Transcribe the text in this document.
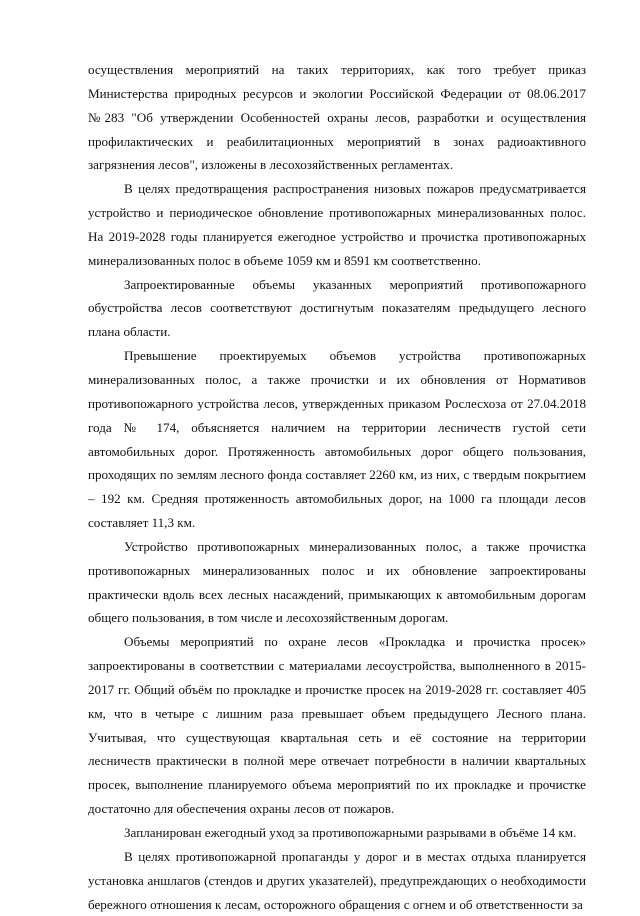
осуществления мероприятий на таких территориях, как того требует приказ Министерства природных ресурсов и экологии Российской Федерации от 08.06.2017 №283 "Об утверждении Особенностей охраны лесов, разработки и осуществления профилактических и реабилитационных мероприятий в зонах радиоактивного загрязнения лесов", изложены в лесохозяйственных регламентах.

В целях предотвращения распространения низовых пожаров предусматривается устройство и периодическое обновление противопожарных минерализованных полос. На 2019-2028 годы планируется ежегодное устройство и прочистка противопожарных минерализованных полос в объеме 1059 км и 8591 км соответственно.

Запроектированные объемы указанных мероприятий противопожарного обустройства лесов соответствуют достигнутым показателям предыдущего лесного плана области.

Превышение проектируемых объемов устройства противопожарных минерализованных полос, а также прочистки и их обновления от Нормативов противопожарного устройства лесов, утвержденных приказом Рослесхоза от 27.04.2018 года № 174, объясняется наличием на территории лесничеств густой сети автомобильных дорог. Протяженность автомобильных дорог общего пользования, проходящих по землям лесного фонда составляет 2260 км, из них, с твердым покрытием – 192 км. Средняя протяженность автомобильных дорог, на 1000 га площади лесов составляет 11,3 км.

Устройство противопожарных минерализованных полос, а также прочистка противопожарных минерализованных полос и их обновление запроектированы практически вдоль всех лесных насаждений, примыкающих к автомобильным дорогам общего пользования, в том числе и лесохозяйственным дорогам.

Объемы мероприятий по охране лесов «Прокладка и прочистка просек» запроектированы в соответствии с материалами лесоустройства, выполненного в 2015-2017 гг. Общий объём по прокладке и прочистке просек на 2019-2028 гг. составляет 405 км, что в четыре с лишним раза превышает объем предыдущего Лесного плана. Учитывая, что существующая квартальная сеть и её состояние на территории лесничеств практически в полной мере отвечает потребности в наличии квартальных просек, выполнение планируемого объема мероприятий по их прокладке и прочистке достаточно для обеспечения охраны лесов от пожаров.

Запланирован ежегодный уход за противопожарными разрывами в объёме 14 км.

В целях противопожарной пропаганды у дорог и в местах отдыха планируется установка аншлагов (стендов и других указателей), предупреждающих о необходимости бережного отношения к лесам, осторожного обращения с огнем и об ответственности за
